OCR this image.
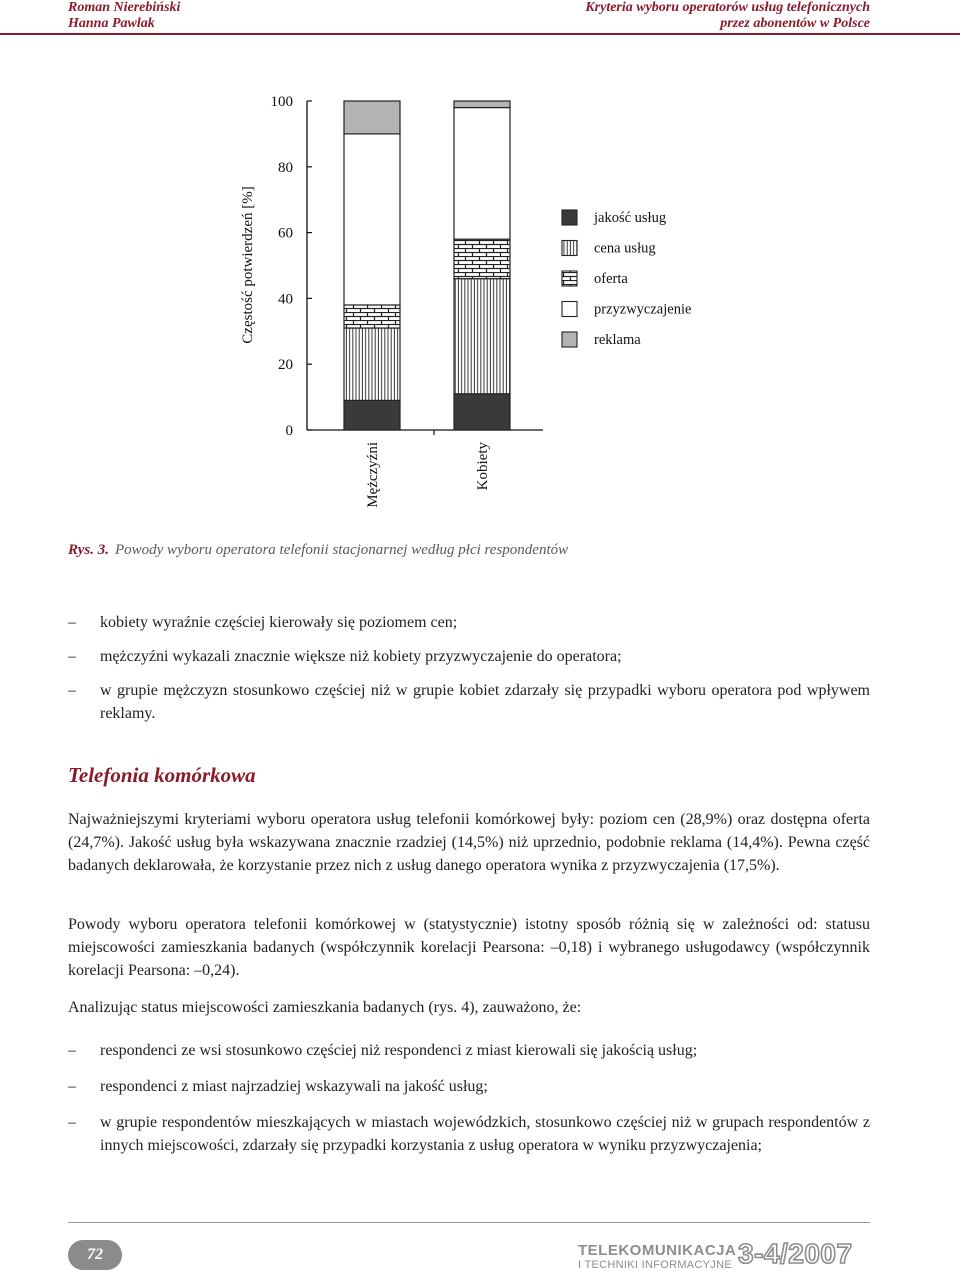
Roman Nierebiński
Hanna Pawlak
Kryteria wyboru operatorów usług telefonicznych
przez abonentów w Polsce
0
20
40
60
80
100
Częstość potwierdzeń [%]
Mężczyźni	Kobiety
jakość usług
cena usług
oferta
przyzwyczajenie
reklama
Rys. 3. Powody wyboru operatora telefonii stacjonarnej według płci respondentów
– kobiety wyraźnie częściej kierowały się poziomem cen;
– mężczyźni wykazali znacznie większe niż kobiety przyzwyczajenie do operatora;
– w grupie mężczyzn stosunkowo częściej niż w grupie kobiet zdarzały się przypadki wyboru operatora pod wpływem reklamy.
Telefonia komórkowa
Najważniejszymi kryteriami wyboru operatora usług telefonii komórkowej były: poziom cen (28,9%) oraz dostępna oferta (24,7%). Jakość usług była wskazywana znacznie rzadziej (14,5%) niż uprzednio, podobnie reklama (14,4%). Pewna część badanych deklarowała, że korzystanie przez nich z usług danego operatora wynika z przyzwyczajenia (17,5%).
Powody wyboru operatora telefonii komórkowej w (statystycznie) istotny sposób różnią się w zależności od: statusu miejscowości zamieszkania badanych (współczynnik korelacji Pearsona: –0,18) i wybranego usługodawcy (współczynnik korelacji Pearsona: –0,24).
Analizując status miejscowości zamieszkania badanych (rys. 4), zauważono, że:
– respondenci ze wsi stosunkowo częściej niż respondenci z miast kierowali się jakością usług;
– respondenci z miast najrzadziej wskazywali na jakość usług;
– w grupie respondentów mieszkających w miastach wojewódzkich, stosunkowo częściej niż w grupach respondentów z innych miejscowości, zdarzały się przypadki korzystania z usług operatora w wyniku przyzwyczajenia;
72	TELEKOMUNIKACJA
I TECHNIKI INFORMACYJNE 3-4/2007
